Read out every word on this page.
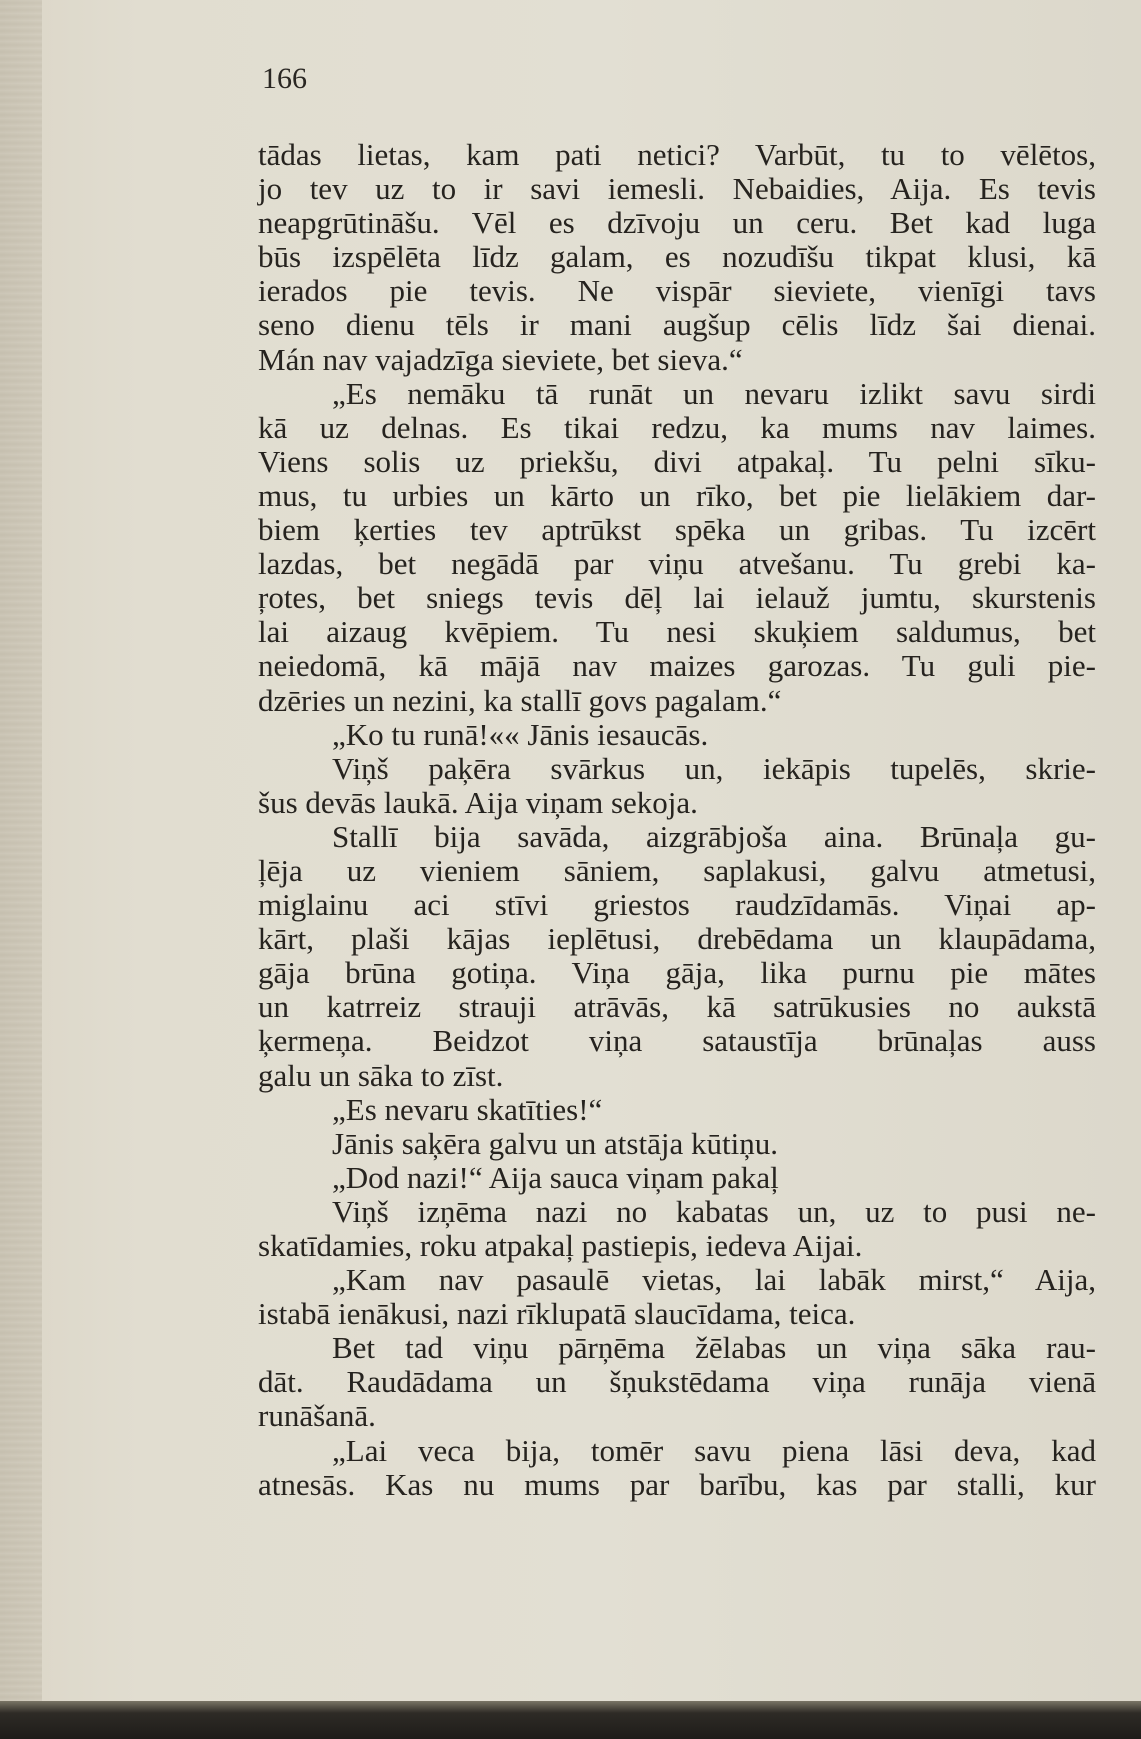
166

tādas lietas, kam pati netici? Varbūt, tu to vēlētos,
jo tev uz to ir savi iemesli. Nebaidies, Aija. Es tevis
neapgrūtināšu. Vēl es dzīvoju un ceru. Bet kad luga
būs izspēlēta līdz galam, es nozudīšu tikpat klusi, kā
ierados pie tevis. Ne vispār sieviete, vienīgi tavs
seno dienu tēls ir mani augšup cēlis līdz šai dienai.
Mán nav vajadzīga sieviete, bet sieva.“
„Es nemāku tā runāt un nevaru izlikt savu sirdi
kā uz delnas. Es tikai redzu, ka mums nav laimes.
Viens solis uz priekšu, divi atpakaļ. Tu pelni sīku-
mus, tu urbies un kārto un rīko, bet pie lielākiem dar-
biem ķerties tev aptrūkst spēka un gribas. Tu izcērt
lazdas, bet negādā par viņu atvešanu. Tu grebi ka-
ŗotes, bet sniegs tevis dēļ lai ielauž jumtu, skurstenis
lai aizaug kvēpiem. Tu nesi skuķiem saldumus, bet
neiedomā, kā mājā nav maizes garozas. Tu guli pie-
dzēries un nezini, ka stallī govs pagalam.“
„Ko tu runā!«« Jānis iesaucās.
Viņš paķēra svārkus un, iekāpis tupelēs, skrie-
šus devās laukā. Aija viņam sekoja.
Stallī bija savāda, aizgrābjoša aina. Brūnaļa gu-
ļēja uz vieniem sāniem, saplakusi, galvu atmetusi,
miglainu aci stīvi griestos raudzīdamās. Viņai ap-
kārt, plaši kājas ieplētusi, drebēdama un klaupādama,
gāja brūna gotiņa. Viņa gāja, lika purnu pie mātes
un katrreiz strauji atrāvās, kā satrūkusies no aukstā
ķermeņa. Beidzot viņa sataustīja brūnaļas auss
galu un sāka to zīst.
„Es nevaru skatīties!“
Jānis saķēra galvu un atstāja kūtiņu.
„Dod nazi!“ Aija sauca viņam pakaļ
Viņš izņēma nazi no kabatas un, uz to pusi ne-
skatīdamies, roku atpakaļ pastiepis, iedeva Aijai.
„Kam nav pasaulē vietas, lai labāk mirst,“ Aija,
istabā ienākusi, nazi rīklupatā slaucīdama, teica.
Bet tad viņu pārņēma žēlabas un viņa sāka rau-
dāt. Raudādama un šņukstēdama viņa runāja vienā
runāšanā.
„Lai veca bija, tomēr savu piena lāsi deva, kad
atnesās. Kas nu mums par barību, kas par stalli, kur
